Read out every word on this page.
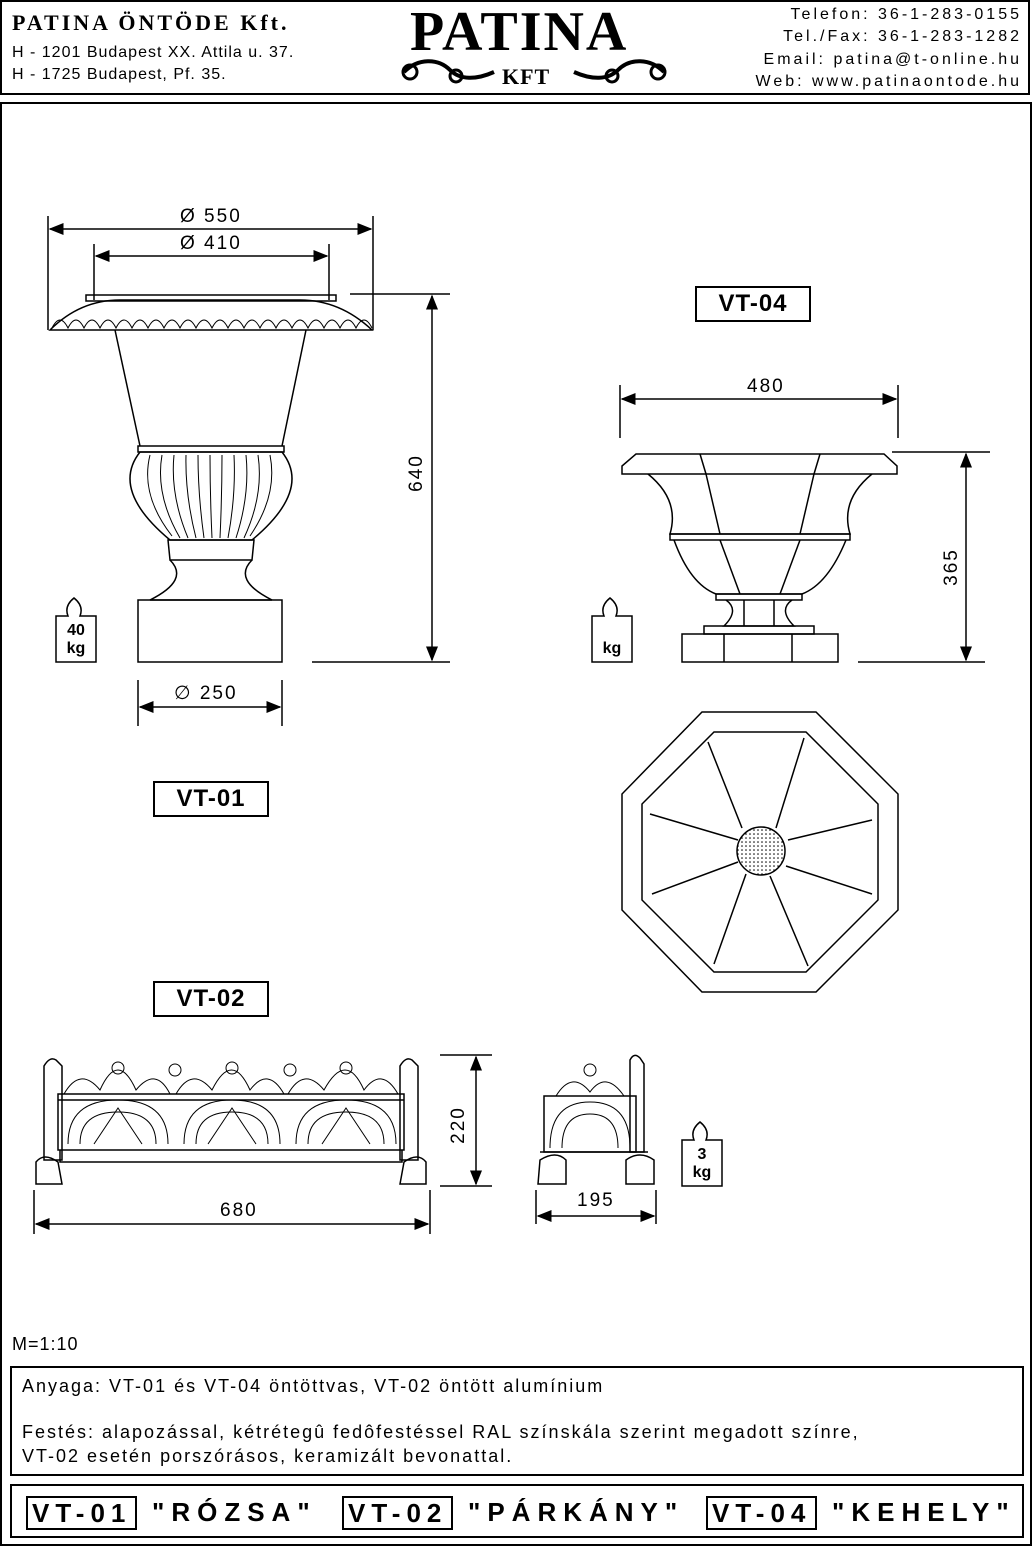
PATINA ÖNTÖDE Kft.
H - 1201 Budapest XX. Attila u. 37.
H - 1725 Budapest, Pf. 35.
PATINA
KFT
Telefon: 36-1-283-0155
Tel./Fax: 36-1-283-1282
Email: patina@t-online.hu
Web: www.patinaontode.hu
Ø 550
Ø 410
640
∅ 250
40
kg
VT-01
VT-04
480
365
kg
VT-02
220
680	195
3
kg
M=1:10
Anyaga: VT-01 és VT-04 öntöttvas, VT-02 öntött alumínium
Festés: alapozással, kétrétegû fedôfestéssel RAL színskála szerint megadott színre,
VT-02 esetén porszórásos, keramizált bevonattal.
VT-01 "RÓZSA" VT-02 "PÁRKÁNY" VT-04 "KEHELY"
